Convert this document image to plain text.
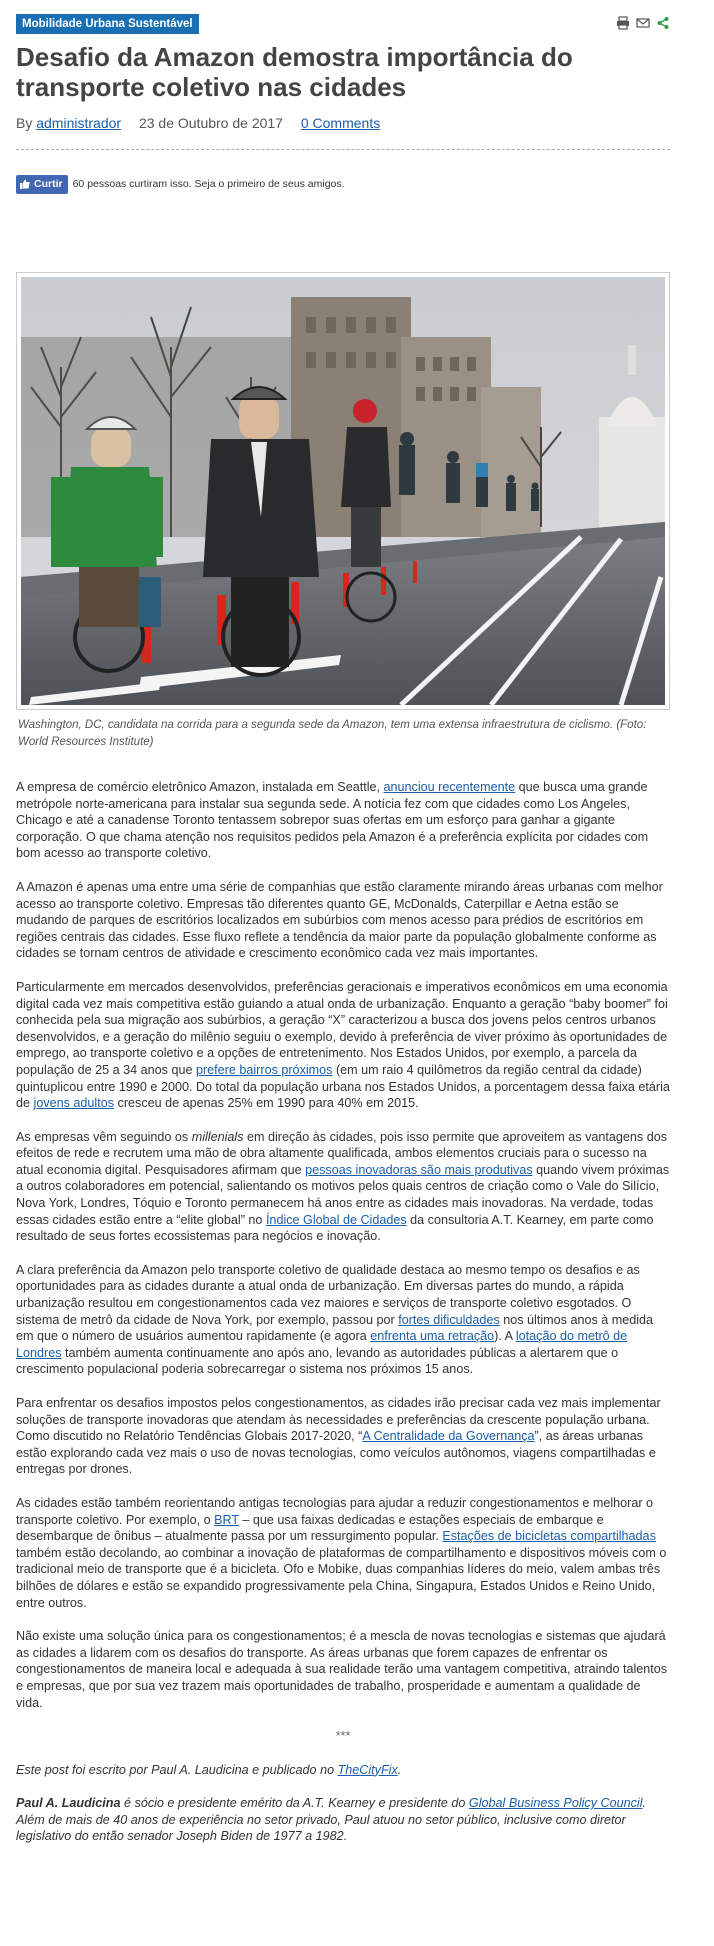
Mobilidade Urbana Sustentável
Desafio da Amazon demostra importância do transporte coletivo nas cidades
By administrador 23 de Outubro de 2017 0 Comments
Curtir 60 pessoas curtiram isso. Seja o primeiro de seus amigos.
Washington, DC, candidata na corrida para a segunda sede da Amazon, tem uma extensa infraestrutura de ciclismo. (Foto: World Resources Institute)

A empresa de comércio eletrônico Amazon, instalada em Seattle, anunciou recentemente que busca uma grande metrópole norte-americana para instalar sua segunda sede. A notícia fez com que cidades como Los Angeles, Chicago e até a canadense Toronto tentassem sobrepor suas ofertas em um esforço para ganhar a gigante corporação. O que chama atenção nos requisitos pedidos pela Amazon é a preferência explícita por cidades com bom acesso ao transporte coletivo.

A Amazon é apenas uma entre uma série de companhias que estão claramente mirando áreas urbanas com melhor acesso ao transporte coletivo. Empresas tão diferentes quanto GE, McDonalds, Caterpillar e Aetna estão se mudando de parques de escritórios localizados em subúrbios com menos acesso para prédios de escritórios em regiões centrais das cidades. Esse fluxo reflete a tendência da maior parte da população globalmente conforme as cidades se tornam centros de atividade e crescimento econômico cada vez mais importantes.

Particularmente em mercados desenvolvidos, preferências geracionais e imperativos econômicos em uma economia digital cada vez mais competitiva estão guiando a atual onda de urbanização. Enquanto a geração “baby boomer” foi conhecida pela sua migração aos subúrbios, a geração “X” caracterizou a busca dos jovens pelos centros urbanos desenvolvidos, e a geração do milênio seguiu o exemplo, devido à preferência de viver próximo às oportunidades de emprego, ao transporte coletivo e a opções de entretenimento. Nos Estados Unidos, por exemplo, a parcela da população de 25 a 34 anos que prefere bairros próximos (em um raio 4 quilômetros da região central da cidade) quintuplicou entre 1990 e 2000. Do total da população urbana nos Estados Unidos, a porcentagem dessa faixa etária de jovens adultos cresceu de apenas 25% em 1990 para 40% em 2015.

As empresas vêm seguindo os millenials em direção às cidades, pois isso permite que aproveitem as vantagens dos efeitos de rede e recrutem uma mão de obra altamente qualificada, ambos elementos cruciais para o sucesso na atual economia digital. Pesquisadores afirmam que pessoas inovadoras são mais produtivas quando vivem próximas a outros colaboradores em potencial, salientando os motivos pelos quais centros de criação como o Vale do Silício, Nova York, Londres, Tóquio e Toronto permanecem há anos entre as cidades mais inovadoras. Na verdade, todas essas cidades estão entre a “elite global” no Índice Global de Cidades da consultoria A.T. Kearney, em parte como resultado de seus fortes ecossistemas para negócios e inovação.

A clara preferência da Amazon pelo transporte coletivo de qualidade destaca ao mesmo tempo os desafios e as oportunidades para as cidades durante a atual onda de urbanização. Em diversas partes do mundo, a rápida urbanização resultou em congestionamentos cada vez maiores e serviços de transporte coletivo esgotados. O sistema de metrô da cidade de Nova York, por exemplo, passou por fortes dificuldades nos últimos anos à medida em que o número de usuários aumentou rapidamente (e agora enfrenta uma retração). A lotação do metrô de Londres também aumenta continuamente ano após ano, levando as autoridades públicas a alertarem que o crescimento populacional poderia sobrecarregar o sistema nos próximos 15 anos.

Para enfrentar os desafios impostos pelos congestionamentos, as cidades irão precisar cada vez mais implementar soluções de transporte inovadoras que atendam às necessidades e preferências da crescente população urbana. Como discutido no Relatório Tendências Globais 2017-2020, “A Centralidade da Governança”, as áreas urbanas estão explorando cada vez mais o uso de novas tecnologias, como veículos autônomos, viagens compartilhadas e entregas por drones.

As cidades estão também reorientando antigas tecnologias para ajudar a reduzir congestionamentos e melhorar o transporte coletivo. Por exemplo, o BRT – que usa faixas dedicadas e estações especiais de embarque e desembarque de ônibus – atualmente passa por um ressurgimento popular. Estações de bicicletas compartilhadas também estão decolando, ao combinar a inovação de plataformas de compartilhamento e dispositivos móveis com o tradicional meio de transporte que é a bicicleta. Ofo e Mobike, duas companhias líderes do meio, valem ambas três bilhões de dólares e estão se expandido progressivamente pela China, Singapura, Estados Unidos e Reino Unido, entre outros.

Não existe uma solução única para os congestionamentos; é a mescla de novas tecnologias e sistemas que ajudará as cidades a lidarem com os desafios do transporte. As áreas urbanas que forem capazes de enfrentar os congestionamentos de maneira local e adequada à sua realidade terão uma vantagem competitiva, atraindo talentos e empresas, que por sua vez trazem mais oportunidades de trabalho, prosperidade e aumentam a qualidade de vida.

***

Este post foi escrito por Paul A. Laudicina e publicado no TheCityFix.

Paul A. Laudicina é sócio e presidente emérito da A.T. Kearney e presidente do Global Business Policy Council. Além de mais de 40 anos de experiência no setor privado, Paul atuou no setor público, inclusive como diretor legislativo do então senador Joseph Biden de 1977 a 1982.
